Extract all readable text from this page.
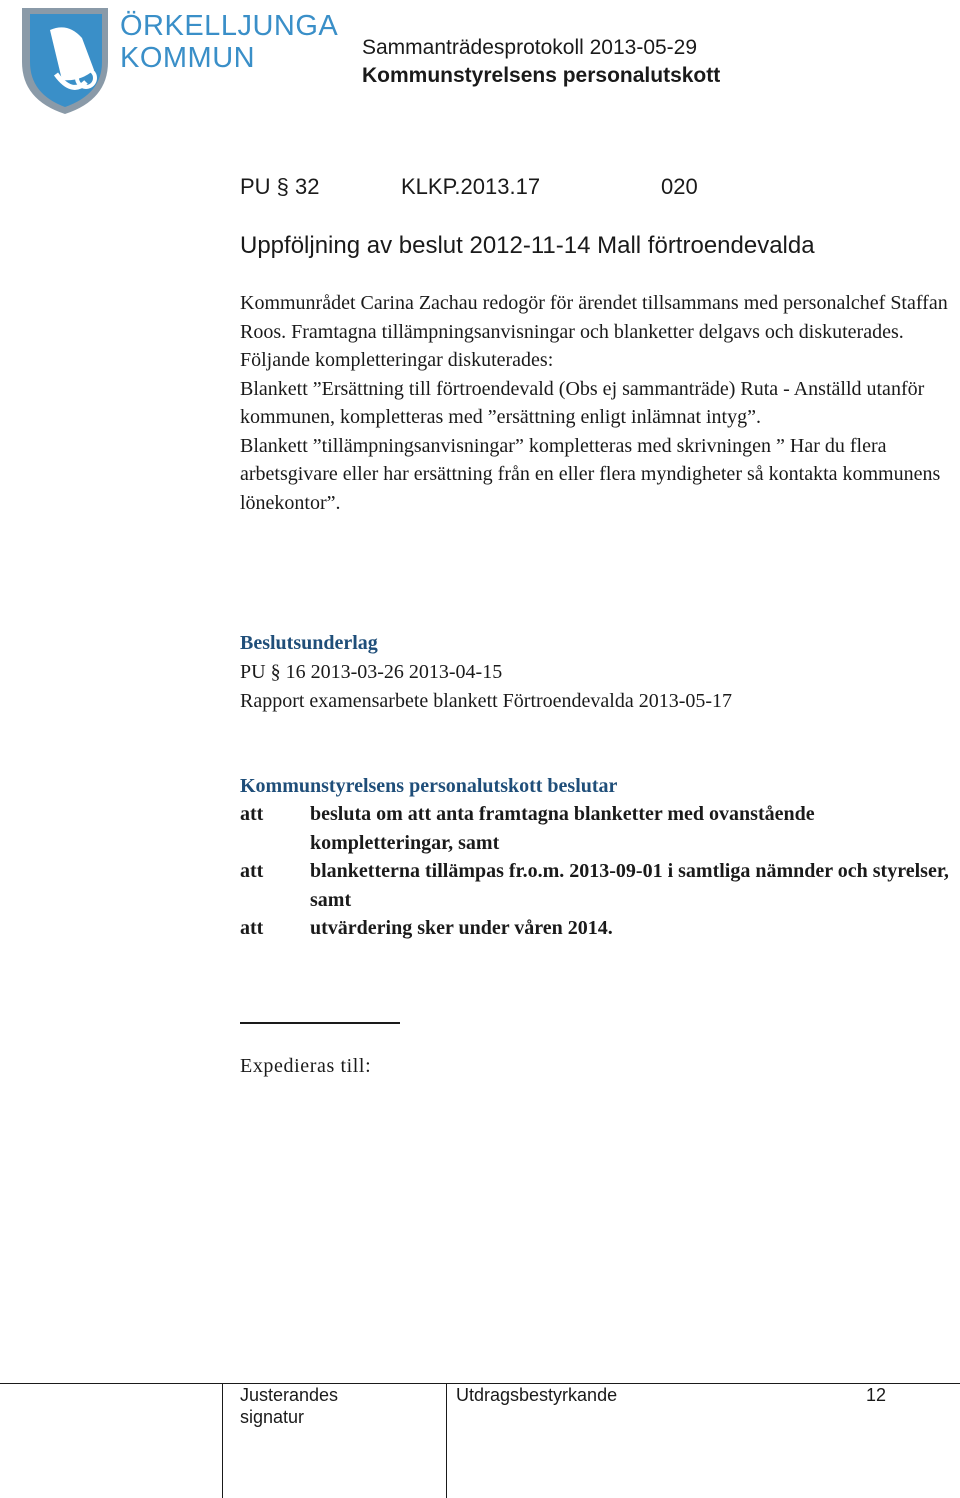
ÖRKELLJUNGA
KOMMUN	Sammanträdesprotokoll 2013-05-29
Kommunstyrelsens personalutskott
PU § 32	KLKP.2013.17	020
Uppföljning av beslut 2012-11-14 Mall förtroendevalda

Kommunrådet Carina Zachau redogör för ärendet tillsammans med personalchef Staffan Roos. Framtagna tillämpningsanvisningar och blanketter delgavs och diskuterades.

Följande kompletteringar diskuterades:

Blankett ”Ersättning till förtroendevald (Obs ej sammanträde) Ruta - Anställd utanför kommunen, kompletteras med ”ersättning enligt inlämnat intyg”.

Blankett ”tillämpningsanvisningar” kompletteras med skrivningen ” Har du flera arbetsgivare eller har ersättning från en eller flera myndigheter så kontakta kommunens lönekontor”.

Beslutsunderlag
PU § 16 2013-03-26 2013-04-15
Rapport examensarbete blankett Förtroendevalda 2013-05-17
Kommunstyrelsens personalutskott beslutar
att besluta om att anta framtagna blanketter med ovanstående kompletteringar, samt
att blanketterna tillämpas fr.o.m. 2013-09-01 i samtliga nämnder och styrelser, samt
att utvärdering sker under våren 2014.
Expedieras till:
Justerandes signatur
Utdragsbestyrkande	12
